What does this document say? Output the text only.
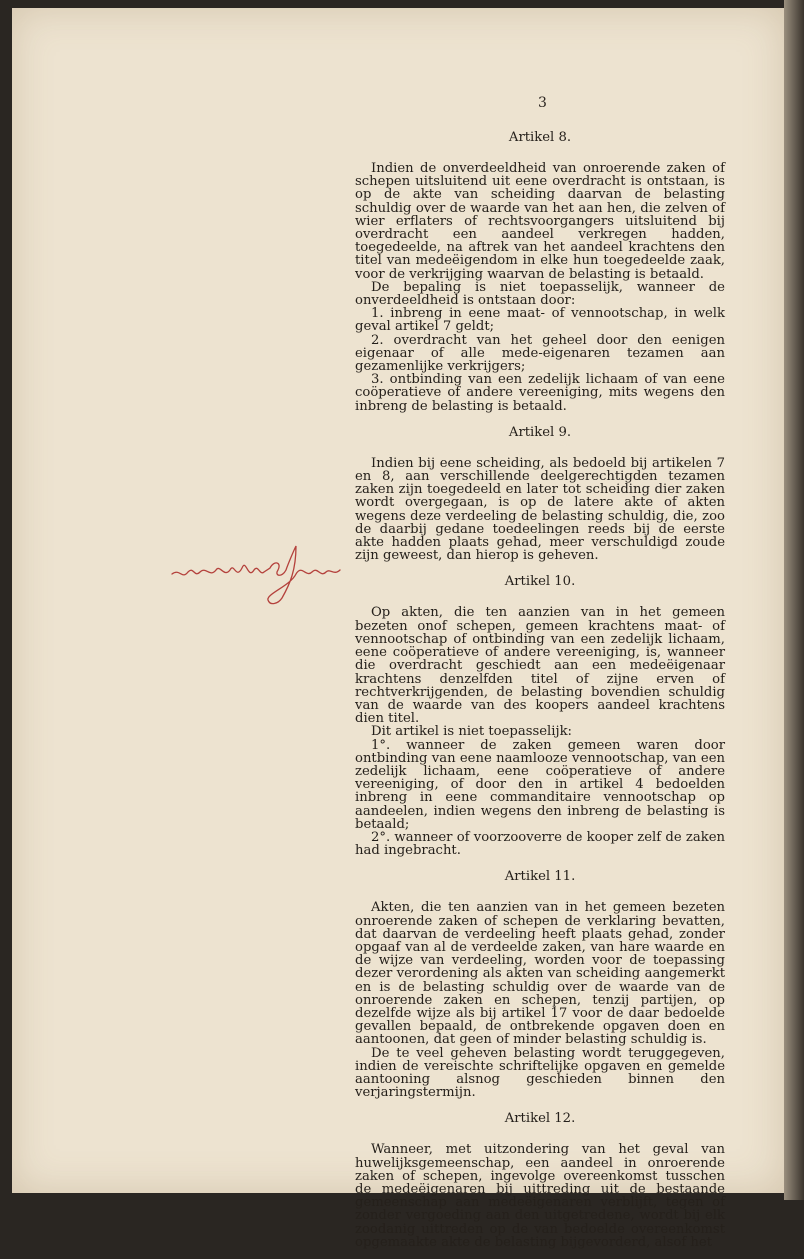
3
Artikel 8.

Indien de onverdeeldheid van onroerende zaken of schepen uitsluitend uit eene overdracht is ontstaan, is op de akte van scheiding daarvan de belasting schuldig over de waarde van het aan hen, die zelven of wier erflaters of rechtsvoorgangers uitsluitend bij overdracht een aandeel verkregen hadden, toegedeelde, na aftrek van het aandeel krachtens den titel van medeëigendom in elke hun toegedeelde zaak, voor de verkrijging waarvan de belasting is betaald.

De bepaling is niet toepasselijk, wanneer de onverdeeldheid is ontstaan door:

1. inbreng in eene maat- of vennootschap, in welk geval artikel 7 geldt;

2. overdracht van het geheel door den eenigen eigenaar of alle mede-eigenaren tezamen aan gezamenlijke verkrijgers;

3. ontbinding van een zedelijk lichaam of van eene coöperatieve of andere vereeniging, mits wegens den inbreng de belasting is betaald.

Artikel 9.

Indien bij eene scheiding, als bedoeld bij artikelen 7 en 8, aan verschillende deelgerechtigden tezamen zaken zijn toegedeeld en later tot scheiding dier zaken wordt overgegaan, is op de latere akte of akten wegens deze verdeeling de belasting schuldig, die, zoo de daarbij gedane toedeelingen reeds bij de eerste akte hadden plaats gehad, meer verschuldigd zoude zijn geweest, dan hierop is geheven.

Artikel 10.

Op akten, die ten aanzien van in het gemeen bezeten onof schepen, gemeen krachtens maat- of vennootschap of ontbinding van een zedelijk lichaam, eene coöperatieve of andere vereeniging, is, wanneer die overdracht geschiedt aan een medeëigenaar krachtens denzelfden titel of zijne erven of rechtverkrijgenden, de belasting bovendien schuldig van de waarde van des koopers aandeel krachtens dien titel.

Dit artikel is niet toepasselijk:

1°. wanneer de zaken gemeen waren door ontbinding van eene naamlooze vennootschap, van een zedelijk lichaam, eene coöperatieve of andere vereeniging, of door den in artikel 4 bedoelden inbreng in eene commanditaire vennootschap op aandeelen, indien wegens den inbreng de belasting is betaald;

2°. wanneer of voorzooverre de kooper zelf de zaken had ingebracht.

Artikel 11.

Akten, die ten aanzien van in het gemeen bezeten onroerende zaken of schepen de verklaring bevatten, dat daarvan de verdeeling heeft plaats gehad, zonder opgaaf van al de verdeelde zaken, van hare waarde en de wijze van verdeeling, worden voor de toepassing dezer verordening als akten van scheiding aangemerkt en is de belasting schuldig over de waarde van de onroerende zaken en schepen, tenzij partijen, op dezelfde wijze als bij artikel 17 voor de daar bedoelde gevallen bepaald, de ontbrekende opgaven doen en aantoonen, dat geen of minder belasting schuldig is.

De te veel geheven belasting wordt teruggegeven, indien de vereischte schriftelijke opgaven en gemelde aantooning alsnog geschieden binnen den verjaringstermijn.

Artikel 12.

Wanneer, met uitzondering van het geval van huwelijksgemeenschap, een aandeel in onroerende zaken of schepen, ingevolge overeenkomst tusschen de medeëigenaren bij uittreding uit de bestaande gemeenschap aan medeëigenaren verblijft, tegen of zonder vergoeding aan den uitgetredene, wordt bij elk zoodanig uittreden op de van bedoelde overeenkomst opgemaakte akte de belasting bijgevorderd, alsof het
